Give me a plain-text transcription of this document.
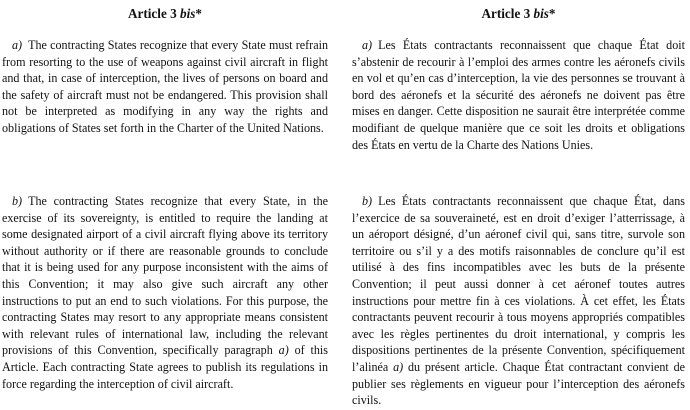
Article 3 bis*
a) The contracting States recognize that every State must refrain from resorting to the use of weapons against civil aircraft in flight and that, in case of interception, the lives of persons on board and the safety of aircraft must not be endangered. This provision shall not be interpreted as modifying in any way the rights and obligations of States set forth in the Charter of the United Nations.
b) The contracting States recognize that every State, in the exercise of its sovereignty, is entitled to require the landing at some designated airport of a civil aircraft flying above its territory without authority or if there are reasonable grounds to conclude that it is being used for any purpose inconsistent with the aims of this Convention; it may also give such aircraft any other instructions to put an end to such violations. For this purpose, the contracting States may resort to any appropriate means consistent with relevant rules of international law, including the relevant provisions of this Convention, specifically paragraph a) of this Article. Each contracting State agrees to publish its regulations in force regarding the interception of civil aircraft.
Article 3 bis*
a) Les États contractants reconnaissent que chaque État doit s’abstenir de recourir à l’emploi des armes contre les aéronefs civils en vol et qu’en cas d’interception, la vie des personnes se trouvant à bord des aéronefs et la sécurité des aéronefs ne doivent pas être mises en danger. Cette disposition ne saurait être interprétée comme modifiant de quelque manière que ce soit les droits et obligations des États en vertu de la Charte des Nations Unies.
b) Les États contractants reconnaissent que chaque État, dans l’exercice de sa souveraineté, est en droit d’exiger l’atterrissage, à un aéroport désigné, d’un aéronef civil qui, sans titre, survole son territoire ou s’il y a des motifs raisonnables de conclure qu’il est utilisé à des fins incompatibles avec les buts de la présente Convention; il peut aussi donner à cet aéronef toutes autres instructions pour mettre fin à ces violations. À cet effet, les États contractants peuvent recourir à tous moyens appropriés compatibles avec les règles pertinentes du droit international, y compris les dispositions pertinentes de la présente Convention, spécifiquement l’alinéa a) du présent article. Chaque État contractant convient de publier ses règlements en vigueur pour l’interception des aéronefs civils.
